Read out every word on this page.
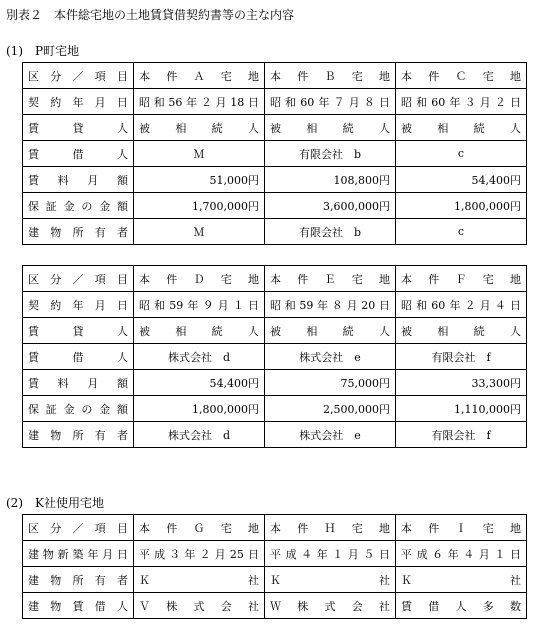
別表２　本件総宅地の土地賃貸借契約書等の主な内容
(1)　P町宅地
区分／項目	本件Ａ宅地	本件Ｂ宅地	本件Ｃ宅地
契約年月日	昭和56年２月18日	昭和60年７月８日	昭和60年３月２日
賃貸人	被相続人	被相続人	被相続人
賃借人	Ｍ	有限会社　b	c
賃料月額	51,000円	108,800円	54,400円
保証金の金額	1,700,000円	3,600,000円	1,800,000円
建物所有者	Ｍ	有限会社　b	c
区分／項目	本件Ｄ宅地	本件Ｅ宅地	本件Ｆ宅地
契約年月日	昭和59年９月１日	昭和59年８月20日	昭和60年２月４日
賃貸人	被相続人	被相続人	被相続人
賃借人	株式会社　d	株式会社　e	有限会社　f
賃料月額	54,400円	75,000円	33,300円
保証金の金額	1,800,000円	2,500,000円	1,110,000円
建物所有者	株式会社　d	株式会社　e	有限会社　f
(2)　K社使用宅地
区分／項目	本件Ｇ宅地	本件Ｈ宅地	本件Ｉ宅地
建物新築年月日	平成３年２月25日	平成４年１月５日	平成６年４月１日
建物所有者	Ｋ社	Ｋ社	Ｋ社
建物賃借人	Ｖ株式会社	Ｗ株式会社	賃借人多数
